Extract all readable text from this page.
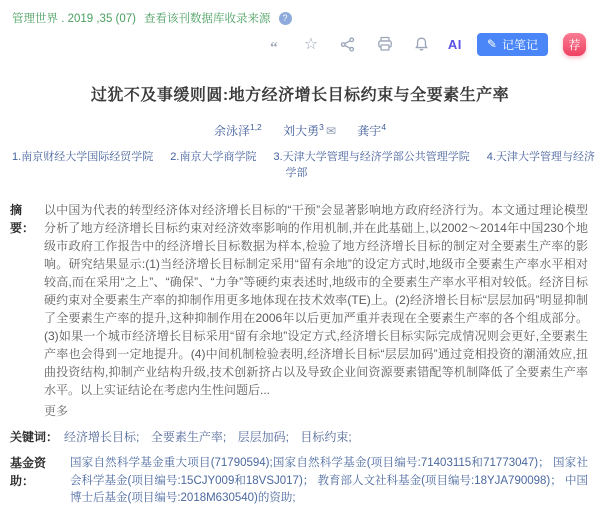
管理世界 . 2019 ,35 (07) 查看该刊数据库收录来源	?
“ ☆	AI ✎ 记笔记	荐
过犹不及事缓则圆:地方经济增长目标约束与全要素生产率
余泳泽$^{1,2}$ 刘大勇$^3$ ✉ 龚宇$^4$
1.南京财经大学国际经贸学院 2.南京大学商学院 3.天津大学管理与经济学部公共管理学院 4.天津大学管理与经济学部
摘要：
以中国为代表的转型经济体对经济增长目标的“干预”会显著影响地方政府经济行为。本文通过理论模型分析了地方经济增长目标约束对经济效率影响的作用机制,并在此基础上,以2002～2014年中国230个地级市政府工作报告中的经济增长目标数据为样本,检验了地方经济增长目标的制定对全要素生产率的影响。研究结果显示:(1)当经济增长目标制定采用“留有余地”的设定方式时,地级市全要素生产率水平相对较高,而在采用“之上”、“确保”、“力争”等硬约束表述时,地级市的全要素生产率水平相对较低。经济目标硬约束对全要素生产率的抑制作用更多地体现在技术效率(TE)上。(2)经济增长目标“层层加码”明显抑制了全要素生产率的提升,这种抑制作用在2006年以后更加严重并表现在全要素生产率的各个组成部分。(3)如果一个城市经济增长目标采用“留有余地”设定方式,经济增长目标实际完成情况则会更好,全要素生产率也会得到一定地提升。(4)中间机制检验表明,经济增长目标“层层加码”通过竞相投资的潮涌效应,扭曲投资结构,抑制产业结构升级,技术创新挤占以及导致企业间资源要素错配等机制降低了全要素生产率水平。以上实证结论在考虑内生性问题后...
更多
关键词： 经济增长目标; 全要素生产率; 层层加码; 目标约束;
基金资助：
国家自然科学基金重大项目(71790594);国家自然科学基金(项目编号:71403115和71773047)； 国家社会科学基金(项目编号:15CJY009和18VSJ017)； 教育部人文社科基金(项目编号:18YJA790098)； 中国博士后基金(项目编号:2018M630540)的资助;
